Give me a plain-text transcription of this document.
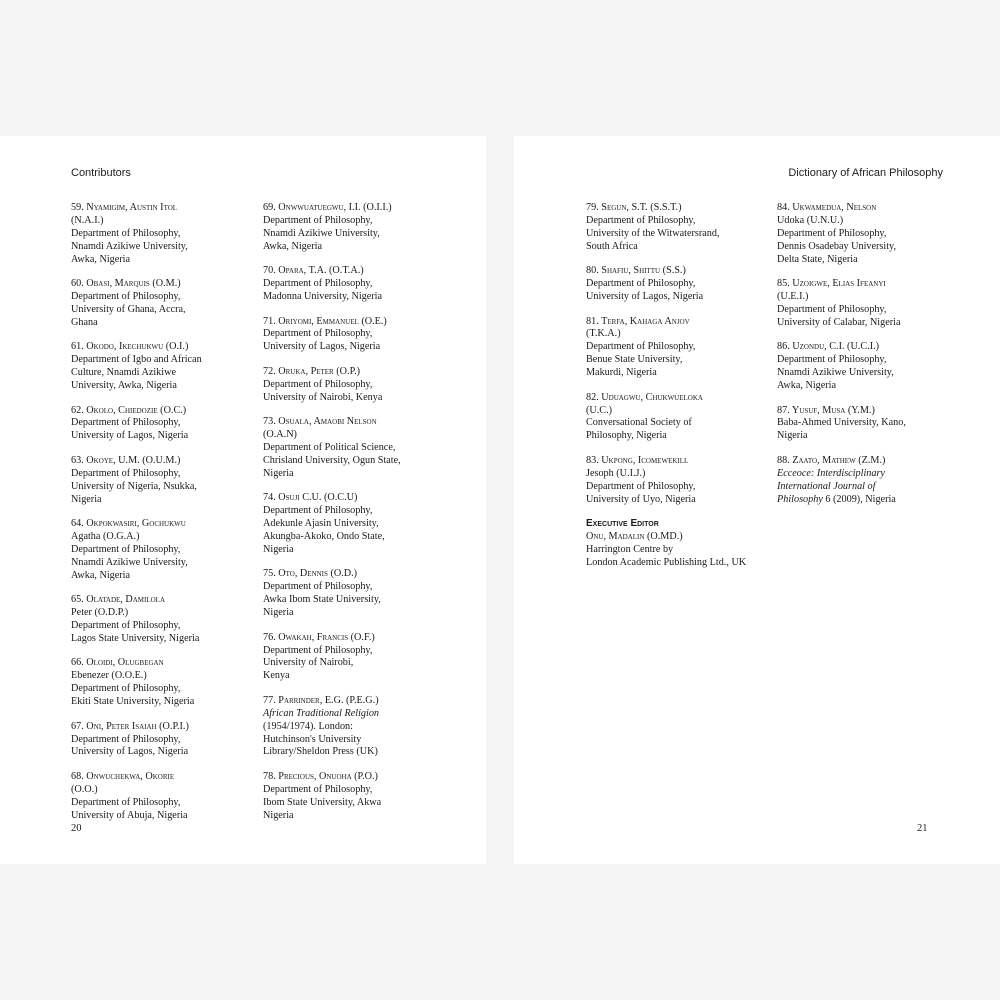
Contributors
59. Nyamigim, Austin Itol
(N.A.I.)
Department of Philosophy,
Nnamdi Azikiwe University,
Awka, Nigeria
60. Obasi, Marquis (O.M.)
Department of Philosophy,
University of Ghana, Accra,
Ghana
61. Okodo, Ikechukwu (O.I.)
Department of Igbo and African
Culture, Nnamdi Azikiwe
University, Awka, Nigeria
62. Okolo, Chiedozie (O.C.)
Department of Philosophy,
University of Lagos, Nigeria
63. Okoye, U.M. (O.U.M.)
Department of Philosophy,
University of Nigeria, Nsukka,
Nigeria
64. Okpokwasiri, Gochukwu
Agatha (O.G.A.)
Department of Philosophy,
Nnamdi Azikiwe University,
Awka, Nigeria
65. Olatade, Damilola
Peter (O.D.P.)
Department of Philosophy,
Lagos State University, Nigeria
66. Oloidi, Olugbegan
Ebenezer (O.O.E.)
Department of Philosophy,
Ekiti State University, Nigeria
67. Oni, Peter Isaiah (O.P.I.)
Department of Philosophy,
University of Lagos, Nigeria
68. Onwuchekwa, Okorie
(O.O.)
Department of Philosophy,
University of Abuja, Nigeria
69. Onwwuatuegwu, I.I. (O.I.I.)
Department of Philosophy,
Nnamdi Azikiwe University,
Awka, Nigeria
70. Opara, T.A. (O.T.A.)
Department of Philosophy,
Madonna University, Nigeria
71. Oriyomi, Emmanuel (O.E.)
Department of Philosophy,
University of Lagos, Nigeria
72. Oruka, Peter (O.P.)
Department of Philosophy,
University of Nairobi, Kenya
73. Osuala, Amaobi Nelson
(O.A.N)
Department of Political Science,
Chrisland University, Ogun State,
Nigeria
74. Osuji C.U. (O.C.U)
Department of Philosophy,
Adekunle Ajasin University,
Akungba-Akoko, Ondo State,
Nigeria
75. Oto, Dennis (O.D.)
Department of Philosophy,
Awka Ibom State University,
Nigeria
76. Owakah, Francis (O.F.)
Department of Philosophy,
University of Nairobi,
Kenya
77. Parrinder, E.G. (P.E.G.)
African Traditional Religion
(1954/1974). London:
Hutchinson's University
Library/Sheldon Press (UK)
78. Precious, Onuoha (P.O.)
Department of Philosophy,
Ibom State University, Akwa
Nigeria
20
Dictionary of African Philosophy
79. Segun, S.T. (S.S.T.)
Department of Philosophy,
University of the Witwatersrand,
South Africa
80. Shafiu, Shittu (S.S.)
Department of Philosophy,
University of Lagos, Nigeria
81. Terfa, Kahaga Anjov
(T.K.A.)
Department of Philosophy,
Benue State University,
Makurdi, Nigeria
82. Uduagwu, Chukwueloka
(U.C.)
Conversational Society of
Philosophy, Nigeria
83. Ukpong, Icomewekill
Jesoph (U.I.J.)
Department of Philosophy,
University of Uyo, Nigeria
Executive Editor
Onu, Madalin (O.MD.)
Harrington Centre by
London Academic Publishing Ltd., UK
84. Ukwamedua, Nelson
Udoka (U.N.U.)
Department of Philosophy,
Dennis Osadebay University,
Delta State, Nigeria
85. Uzoigwe, Elias Ifeanyi
(U.E.I.)
Department of Philosophy,
University of Calabar, Nigeria
86. Uzondu, C.I. (U.C.I.)
Department of Philosophy,
Nnamdi Azikiwe University,
Awka, Nigeria
87. Yusuf, Musa (Y.M.)
Baba-Ahmed University, Kano,
Nigeria
88. Zaato, Mathew (Z.M.)
Ecceoce: Interdisciplinary
International Journal of
Philosophy 6 (2009), Nigeria
21
